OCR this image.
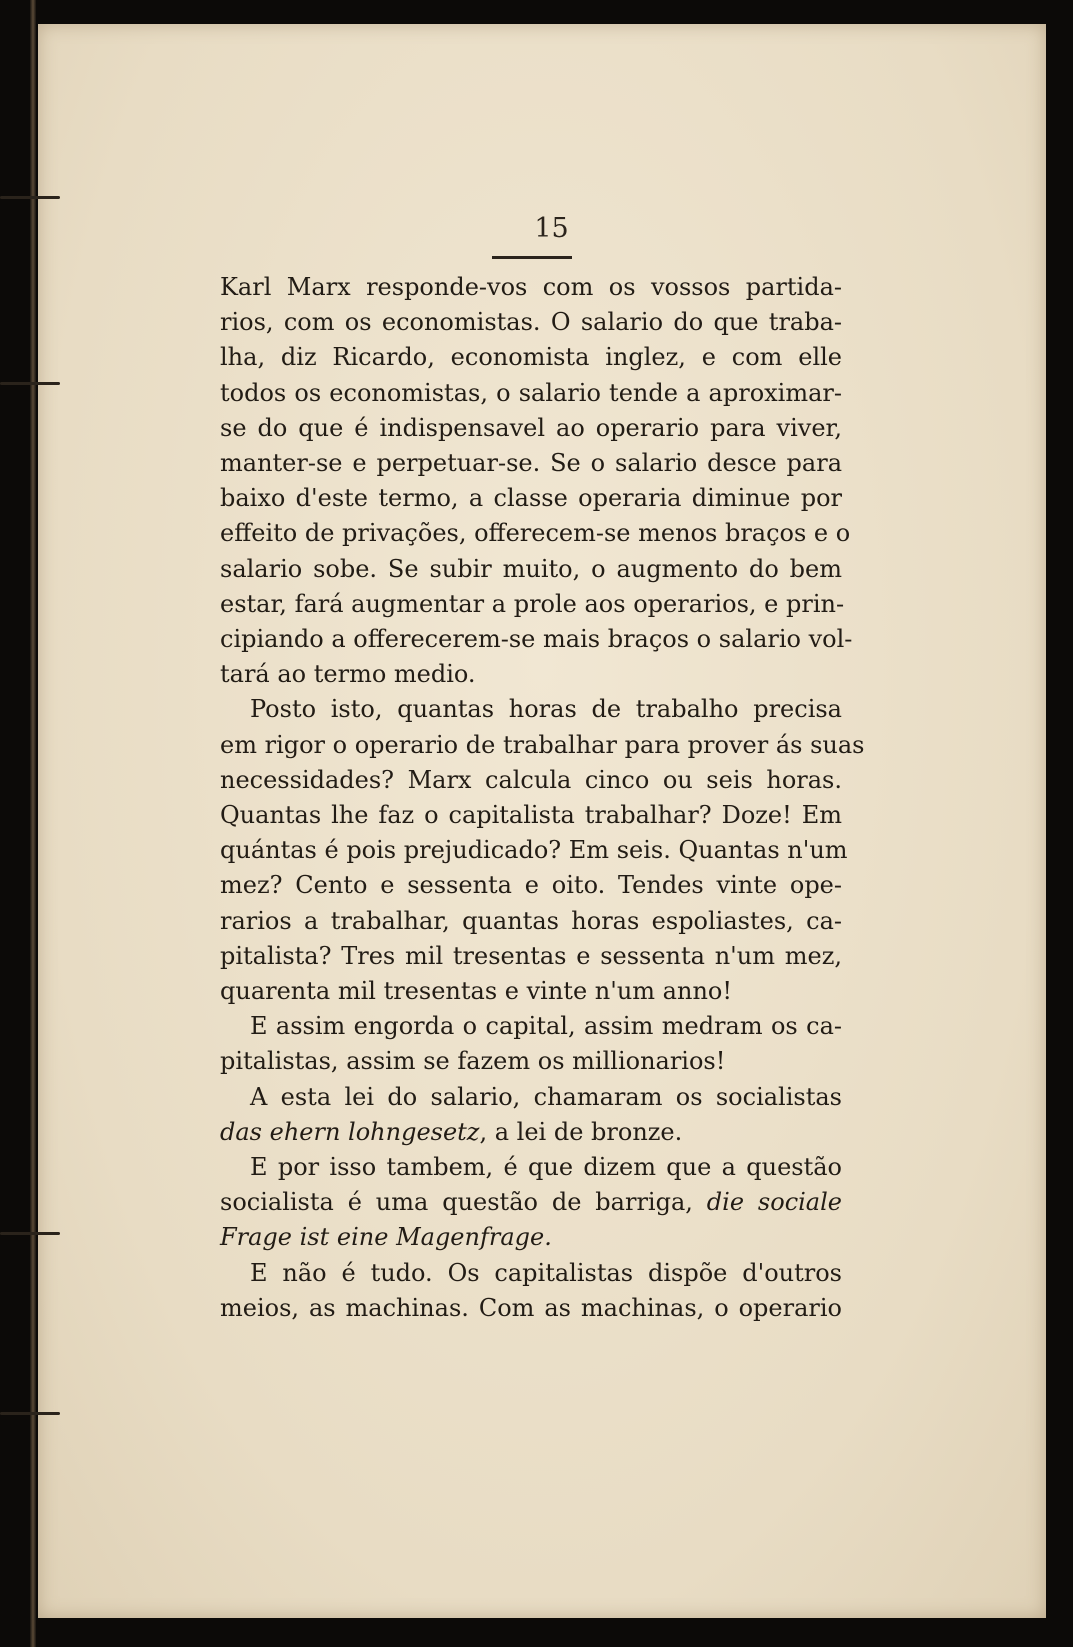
15
Karl Marx responde-vos com os vossos partida-
rios, com os economistas. O salario do que traba-
lha, diz Ricardo, economista inglez, e com elle
todos os economistas, o salario tende a aproximar-
se do que é indispensavel ao operario para viver,
manter-se e perpetuar-se. Se o salario desce para
baixo d'este termo, a classe operaria diminue por
effeito de privações, offerecem-se menos braços e o
salario sobe. Se subir muito, o augmento do bem
estar, fará augmentar a prole aos operarios, e prin-
cipiando a offerecerem-se mais braços o salario vol-
tará ao termo medio.
Posto isto, quantas horas de trabalho precisa
em rigor o operario de trabalhar para prover ás suas
necessidades? Marx calcula cinco ou seis horas.
Quantas lhe faz o capitalista trabalhar? Doze! Em
quántas é pois prejudicado? Em seis. Quantas n'um
mez? Cento e sessenta e oito. Tendes vinte ope-
rarios a trabalhar, quantas horas espoliastes, ca-
pitalista? Tres mil tresentas e sessenta n'um mez,
quarenta mil tresentas e vinte n'um anno!
E assim engorda o capital, assim medram os ca-
pitalistas, assim se fazem os millionarios!
A esta lei do salario, chamaram os socialistas
das ehern lohngesetz, a lei de bronze.
E por isso tambem, é que dizem que a questão
socialista é uma questão de barriga, die sociale
Frage ist eine Magenfrage.
E não é tudo. Os capitalistas dispõe d'outros
meios, as machinas. Com as machinas, o operario
